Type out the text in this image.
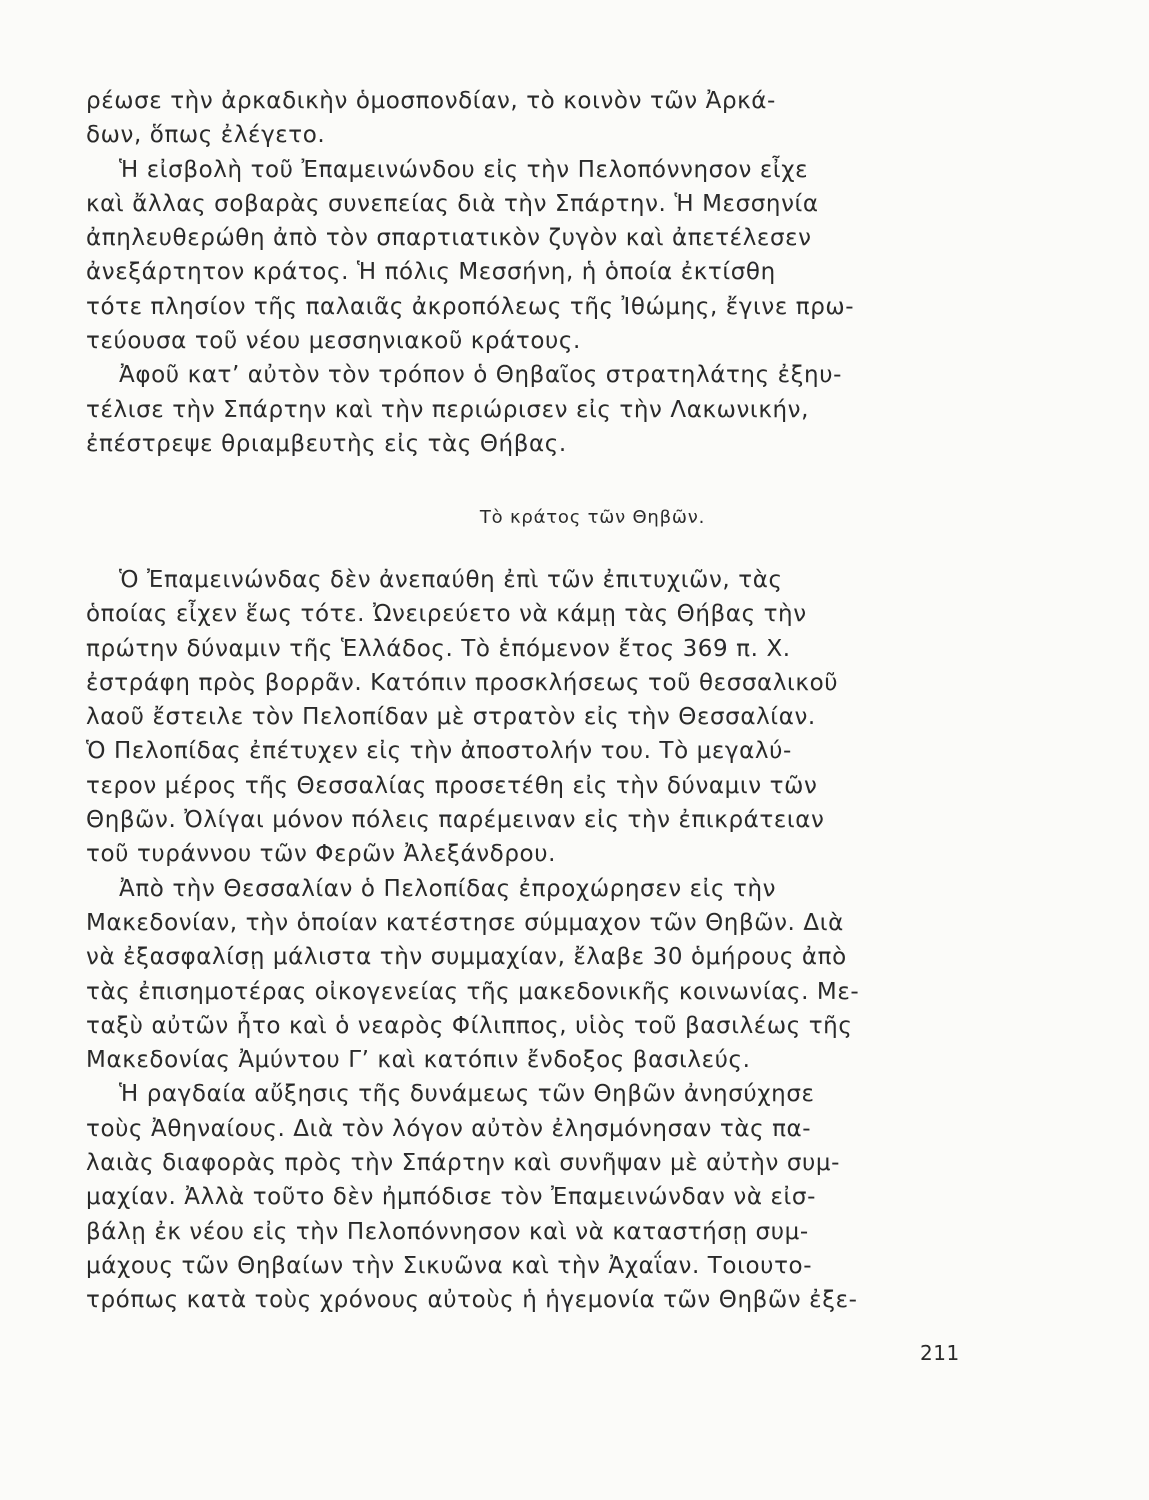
ρέωσε τὴν ἀρκαδικὴν ὁμοσπονδίαν, τὸ κοινὸν τῶν Ἀρκά-
δων, ὅπως ἐλέγετο.
Ἡ εἰσβολὴ τοῦ Ἐπαμεινώνδου εἰς τὴν Πελοπόννησον εἶχε
καὶ ἄλλας σοβαρὰς συνεπείας διὰ τὴν Σπάρτην. Ἡ Μεσσηνία
ἀπηλευθερώθη ἀπὸ τὸν σπαρτιατικὸν ζυγὸν καὶ ἀπετέλεσεν
ἀνεξάρτητον κράτος. Ἡ πόλις Μεσσήνη, ἡ ὁποία ἐκτίσθη
τότε πλησίον τῆς παλαιᾶς ἀκροπόλεως τῆς Ἰθώμης, ἔγινε πρω-
τεύουσα τοῦ νέου μεσσηνιακοῦ κράτους.
Ἀφοῦ κατ’ αὐτὸν τὸν τρόπον ὁ Θηβαῖος στρατηλάτης ἐξηυ-
τέλισε τὴν Σπάρτην καὶ τὴν περιώρισεν εἰς τὴν Λακωνικήν,
ἐπέστρεψε θριαμβευτὴς εἰς τὰς Θήβας.
Τὸ κράτος τῶν Θηβῶν.
Ὁ Ἐπαμεινώνδας δὲν ἀνεπαύθη ἐπὶ τῶν ἐπιτυχιῶν, τὰς
ὁποίας εἶχεν ἕως τότε. Ὠνειρεύετο νὰ κάμῃ τὰς Θήβας τὴν
πρώτην δύναμιν τῆς Ἑλλάδος. Τὸ ἑπόμενον ἔτος 369 π. Χ.
ἐστράφη πρὸς βορρᾶν. Κατόπιν προσκλήσεως τοῦ θεσσαλικοῦ
λαοῦ ἔστειλε τὸν Πελοπίδαν μὲ στρατὸν εἰς τὴν Θεσσαλίαν.
Ὁ Πελοπίδας ἐπέτυχεν εἰς τὴν ἀποστολήν του. Τὸ μεγαλύ-
τερον μέρος τῆς Θεσσαλίας προσετέθη εἰς τὴν δύναμιν τῶν
Θηβῶν. Ὀλίγαι μόνον πόλεις παρέμειναν εἰς τὴν ἐπικράτειαν
τοῦ τυράννου τῶν Φερῶν Ἀλεξάνδρου.
Ἀπὸ τὴν Θεσσαλίαν ὁ Πελοπίδας ἐπροχώρησεν εἰς τὴν
Μακεδονίαν, τὴν ὁποίαν κατέστησε σύμμαχον τῶν Θηβῶν. Διὰ
νὰ ἐξασφαλίσῃ μάλιστα τὴν συμμαχίαν, ἔλαβε 30 ὁμήρους ἀπὸ
τὰς ἐπισημοτέρας οἰκογενείας τῆς μακεδονικῆς κοινωνίας. Με-
ταξὺ αὐτῶν ἦτο καὶ ὁ νεαρὸς Φίλιππος, υἱὸς τοῦ βασιλέως τῆς
Μακεδονίας Ἀμύντου Γ’ καὶ κατόπιν ἔνδοξος βασιλεύς.
Ἡ ραγδαία αὔξησις τῆς δυνάμεως τῶν Θηβῶν ἀνησύχησε
τοὺς Ἀθηναίους. Διὰ τὸν λόγον αὐτὸν ἐλησμόνησαν τὰς πα-
λαιὰς διαφορὰς πρὸς τὴν Σπάρτην καὶ συνῆψαν μὲ αὐτὴν συμ-
μαχίαν. Ἀλλὰ τοῦτο δὲν ἠμπόδισε τὸν Ἐπαμεινώνδαν νὰ εἰσ-
βάλῃ ἐκ νέου εἰς τὴν Πελοπόννησον καὶ νὰ καταστήσῃ συμ-
μάχους τῶν Θηβαίων τὴν Σικυῶνα καὶ τὴν Ἀχαΐαν. Τοιουτο-
τρόπως κατὰ τοὺς χρόνους αὐτοὺς ἡ ἡγεμονία τῶν Θηβῶν ἐξε-
211
